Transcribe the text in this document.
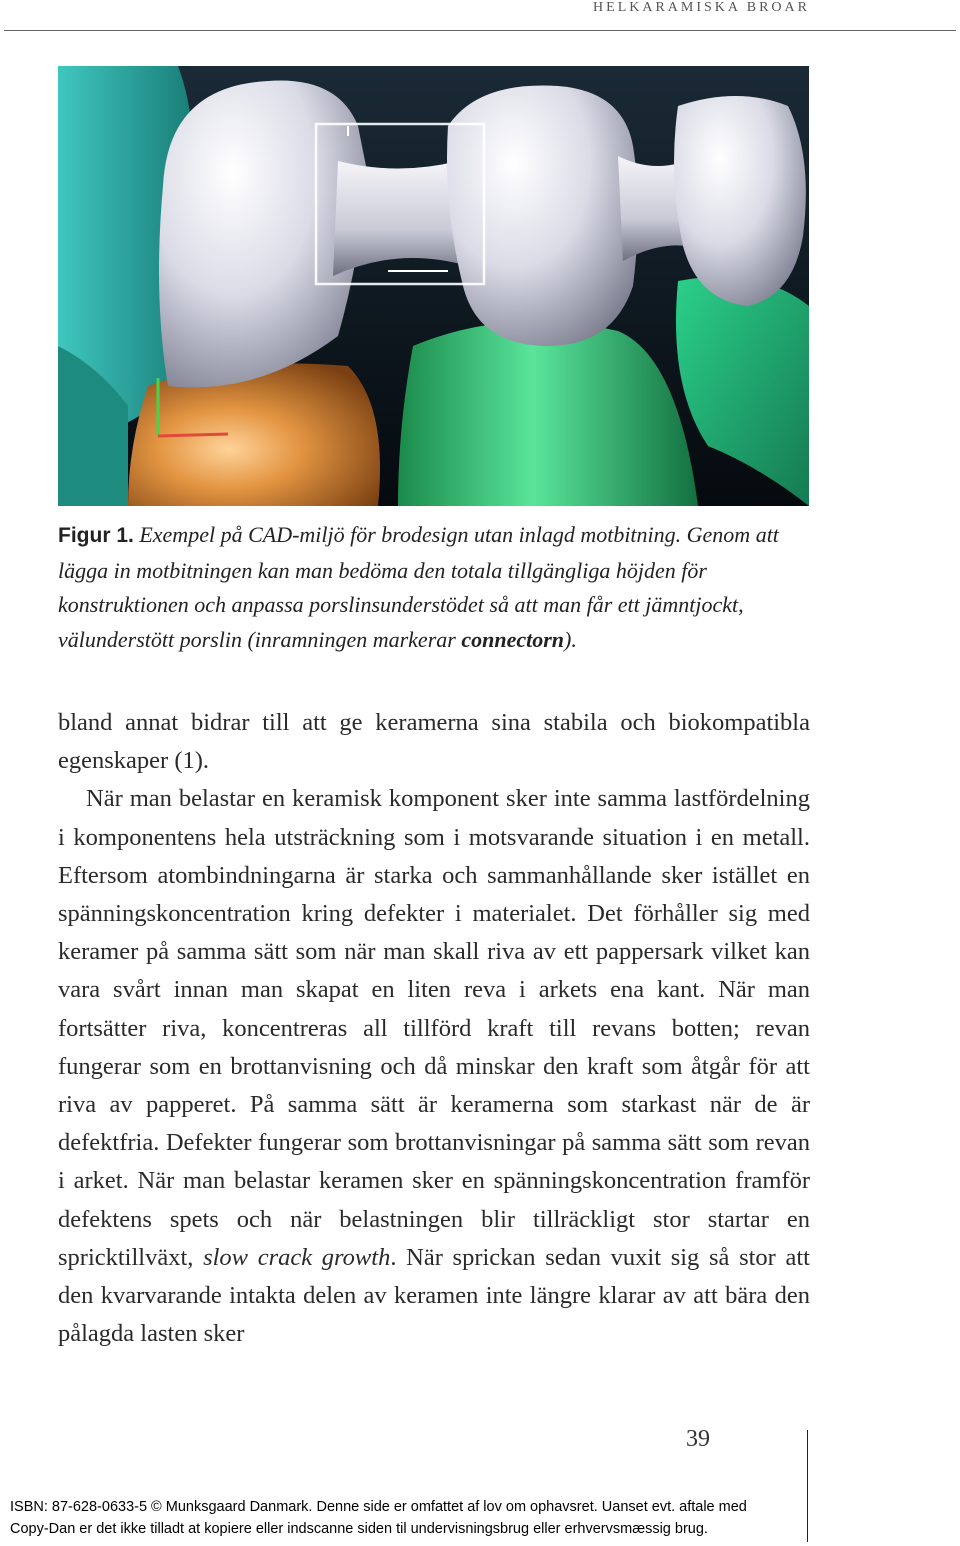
HELKARAMISKA BROAR
Figur 1. Exempel på CAD-miljö för brodesign utan inlagd motbitning. Genom att lägga in motbitningen kan man bedöma den totala tillgängliga höjden för konstruktionen och anpassa porslinsunderstödet så att man får ett jämntjockt, välunderstött porslin (inramningen markerar connectorn).

bland annat bidrar till att ge keramerna sina stabila och biokompatibla egenskaper (1).

När man belastar en keramisk komponent sker inte samma lastfördelning i komponentens hela utsträckning som i motsvarande situation i en metall. Eftersom atombindningarna är starka och sammanhållande sker istället en spänningskoncentration kring defekter i materialet. Det förhåller sig med keramer på samma sätt som när man skall riva av ett pappersark vilket kan vara svårt innan man skapat en liten reva i arkets ena kant. När man fortsätter riva, koncentreras all tillförd kraft till revans botten; revan fungerar som en brottanvisning och då minskar den kraft som åtgår för att riva av papperet. På samma sätt är keramerna som starkast när de är defektfria. Defekter fungerar som brottanvisningar på samma sätt som revan i arket. När man belastar keramen sker en spänningskoncentration framför defektens spets och när belastningen blir tillräckligt stor startar en spricktillväxt, slow crack growth. När sprickan sedan vuxit sig så stor att den kvarvarande intakta delen av keramen inte längre klarar av att bära den pålagda lasten sker

39
ISBN: 87-628-0633-5 © Munksgaard Danmark. Denne side er omfattet af lov om ophavsret. Uanset evt. aftale med
Copy-Dan er det ikke tilladt at kopiere eller indscanne siden til undervisningsbrug eller erhvervsmæssig brug.
